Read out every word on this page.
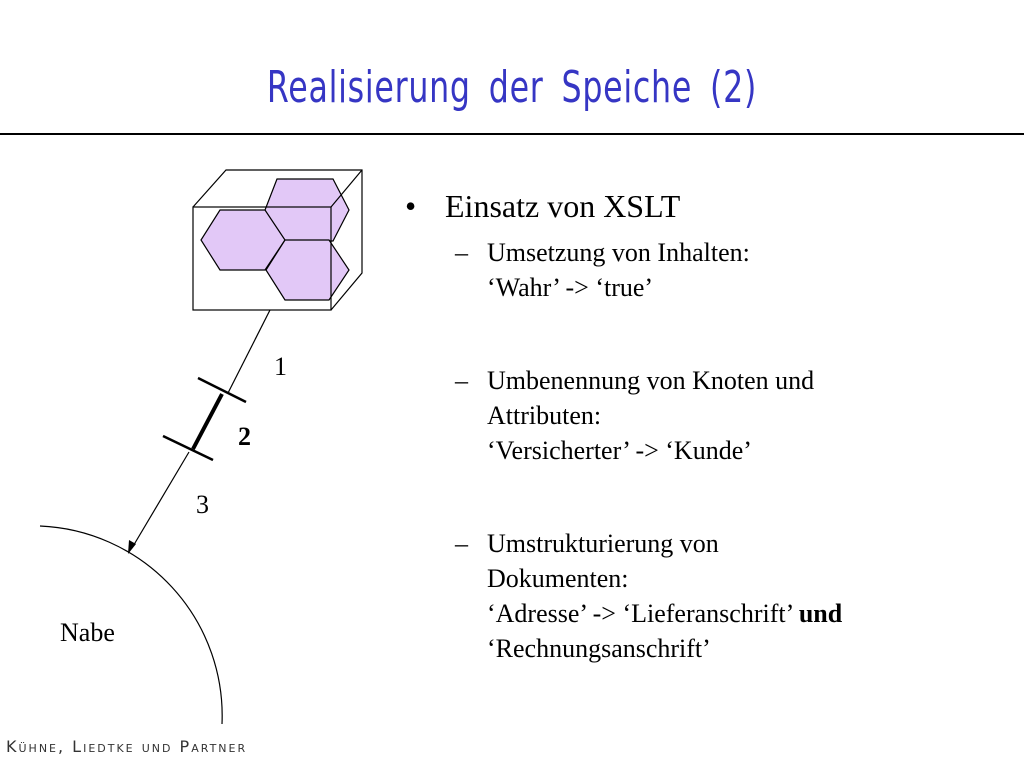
Realisierung der Speiche (2)
1
2
3
Nabe
• Einsatz von XSLT
– Umsetzung von Inhalten:
‘Wahr’ -> ‘true’
– Umbenennung von Knoten und
Attributen:
‘Versicherter’ -> ‘Kunde’
– Umstrukturierung von
Dokumenten:
‘Adresse’ -> ‘Lieferanschrift’ und
‘Rechnungsanschrift’
Kühne, Liedtke und Partner
